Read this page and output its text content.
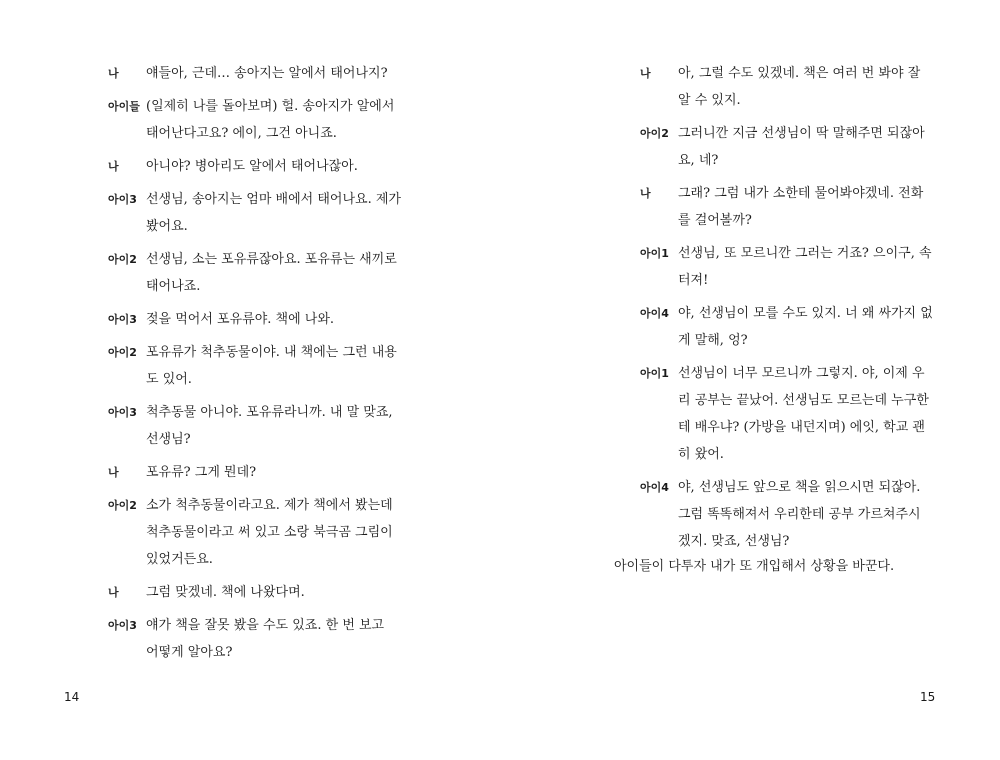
나	얘들아, 근데… 송아지는 알에서 태어나지?
아이들 (일제히 나를 돌아보며) 헐. 송아지가 알에서
태어난다고요? 에이, 그건 아니죠.
나	아니야? 병아리도 알에서 태어나잖아.
아이3 선생님, 송아지는 엄마 배에서 태어나요. 제가
봤어요.
아이2 선생님, 소는 포유류잖아요. 포유류는 새끼로
태어나죠.
아이3 젖을 먹어서 포유류야. 책에 나와.
아이2 포유류가 척추동물이야. 내 책에는 그런 내용
도 있어.
아이3 척추동물 아니야. 포유류라니까. 내 말 맞죠,
선생님?
나	포유류? 그게 뭔데?
아이2 소가 척추동물이라고요. 제가 책에서 봤는데
척추동물이라고 써 있고 소랑 북극곰 그림이
있었거든요.
나	그럼 맞겠네. 책에 나왔다며.
아이3 얘가 책을 잘못 봤을 수도 있죠. 한 번 보고
어떻게 알아요?
14
나	아, 그럴 수도 있겠네. 책은 여러 번 봐야 잘
알 수 있지.
아이2 그러니깐 지금 선생님이 딱 말해주면 되잖아
요, 네?
나	그래? 그럼 내가 소한테 물어봐야겠네. 전화
를 걸어볼까?
아이1 선생님, 또 모르니깐 그러는 거죠? 으이구, 속
터져!
아이4 야, 선생님이 모를 수도 있지. 너 왜 싸가지 없
게 말해, 엉?
아이1 선생님이 너무 모르니까 그렇지. 야, 이제 우
리 공부는 끝났어. 선생님도 모르는데 누구한
테 배우냐? (가방을 내던지며) 에잇, 학교 괜
히 왔어.
아이4 야, 선생님도 앞으로 책을 읽으시면 되잖아.
그럼 똑똑해져서 우리한테 공부 가르쳐주시
겠지. 맞죠, 선생님?
아이들이 다투자 내가 또 개입해서 상황을 바꾼다.
15
